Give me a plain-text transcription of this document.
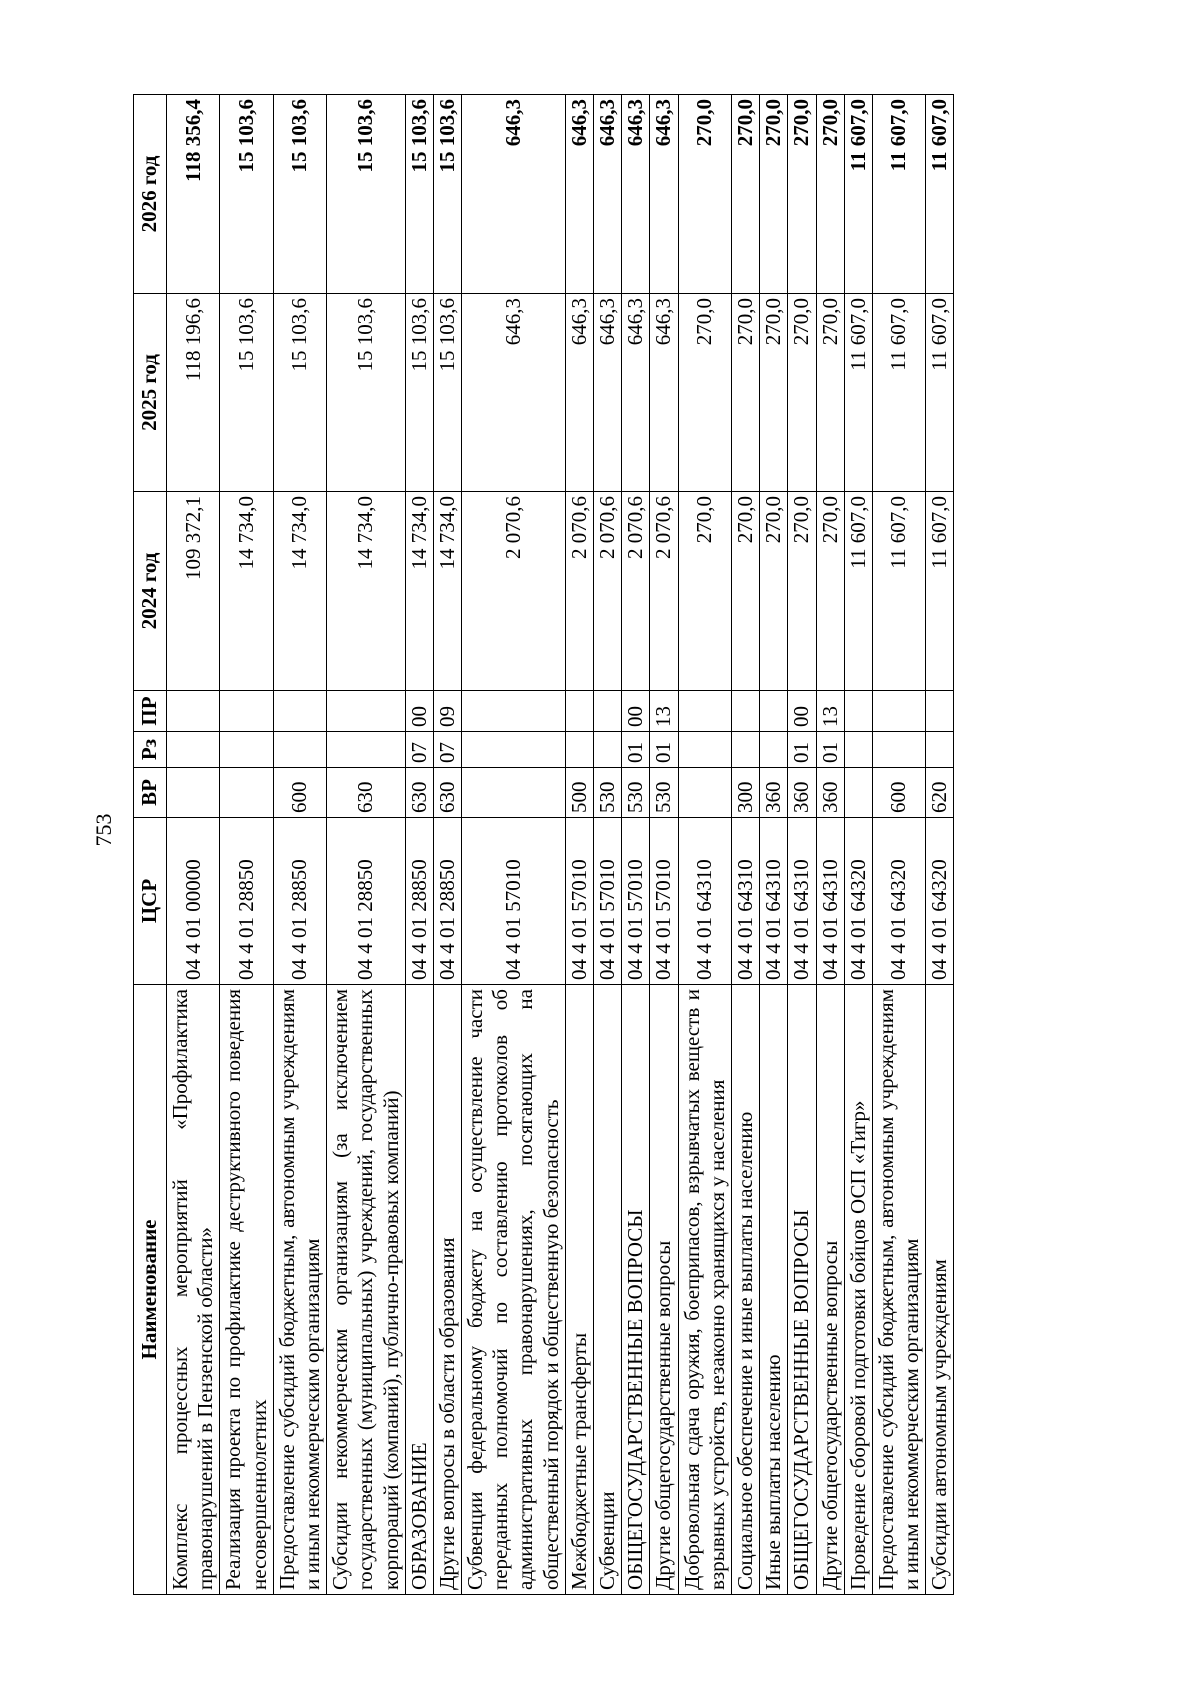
753
Наименование	ЦСР	ВР	Рз	ПР	2024 год	2025 год	2026 год
Комплекс процессных мероприятий «Профилактика правонарушений в Пензенской области»	04 4 01 00000				109 372,1	118 196,6	118 356,4
Реализация проекта по профилактике деструктивного поведения несовершеннолетних	04 4 01 28850				14 734,0	15 103,6	15 103,6
Предоставление субсидий бюджетным, автономным учреждениям и иным некоммерческим организациям	04 4 01 28850	600			14 734,0	15 103,6	15 103,6
Субсидии некоммерческим организациям (за исключением государственных (муниципальных) учреждений, государственных корпораций (компаний), публично-правовых компаний)	04 4 01 28850	630			14 734,0	15 103,6	15 103,6
ОБРАЗОВАНИЕ	04 4 01 28850	630	07	00	14 734,0	15 103,6	15 103,6
Другие вопросы в области образования	04 4 01 28850	630	07	09	14 734,0	15 103,6	15 103,6
Субвенции федеральному бюджету на осуществление части переданных полномочий по составлению протоколов об административных правонарушениях, посягающих на общественный порядок и общественную безопасность	04 4 01 57010				2 070,6	646,3	646,3
Межбюджетные трансферты	04 4 01 57010	500			2 070,6	646,3	646,3
Субвенции	04 4 01 57010	530			2 070,6	646,3	646,3
ОБЩЕГОСУДАРСТВЕННЫЕ ВОПРОСЫ	04 4 01 57010	530	01	00	2 070,6	646,3	646,3
Другие общегосударственные вопросы	04 4 01 57010	530	01	13	2 070,6	646,3	646,3
Добровольная сдача оружия, боеприпасов, взрывчатых веществ и взрывных устройств, незаконно хранящихся у населения	04 4 01 64310				270,0	270,0	270,0
Социальное обеспечение и иные выплаты населению	04 4 01 64310	300			270,0	270,0	270,0
Иные выплаты населению	04 4 01 64310	360			270,0	270,0	270,0
ОБЩЕГОСУДАРСТВЕННЫЕ ВОПРОСЫ	04 4 01 64310	360	01	00	270,0	270,0	270,0
Другие общегосударственные вопросы	04 4 01 64310	360	01	13	270,0	270,0	270,0
Проведение сборовой подготовки бойцов ОСП «Тигр»	04 4 01 64320				11 607,0	11 607,0	11 607,0
Предоставление субсидий бюджетным, автономным учреждениям и иным некоммерческим организациям	04 4 01 64320	600			11 607,0	11 607,0	11 607,0
Субсидии автономным учреждениям	04 4 01 64320	620			11 607,0	11 607,0	11 607,0
